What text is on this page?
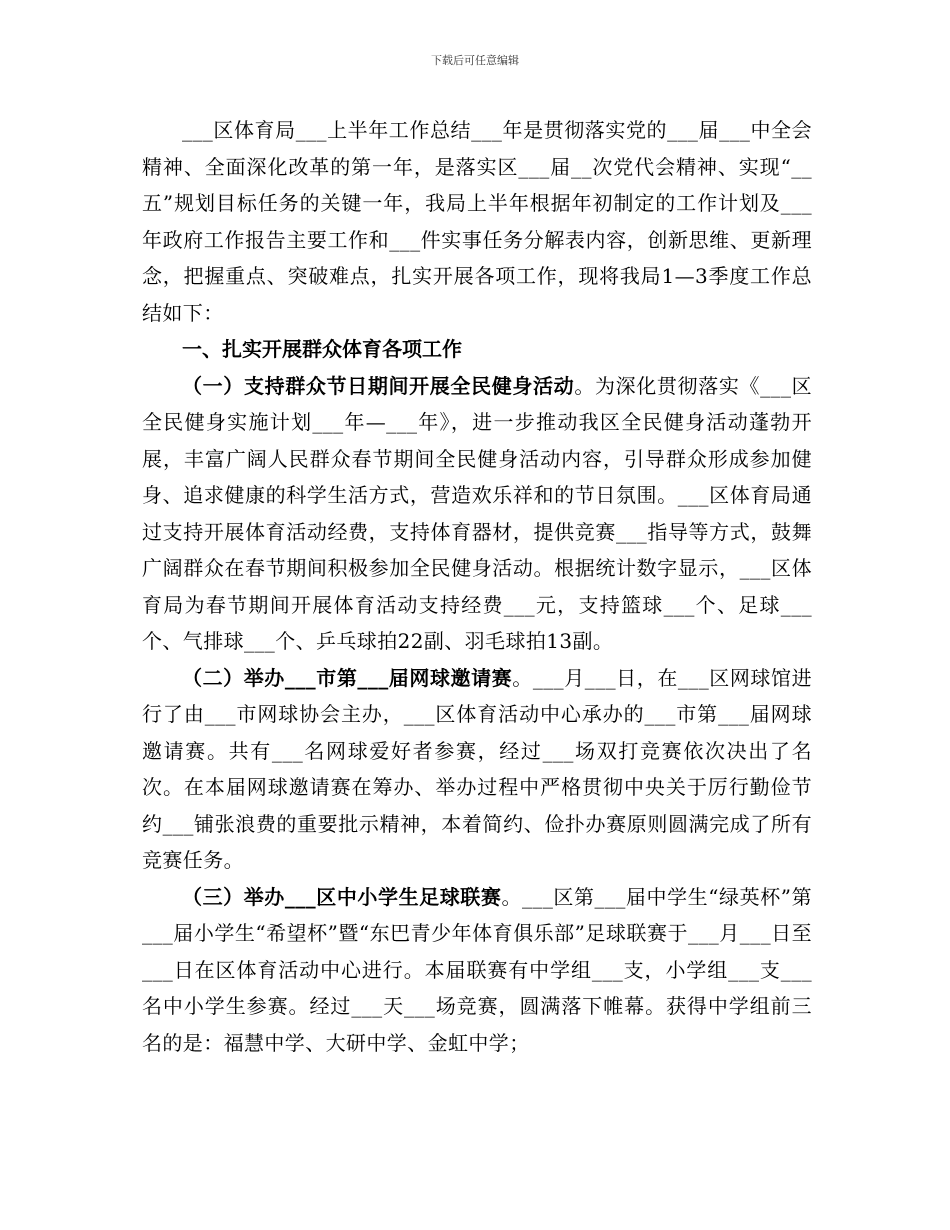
下载后可任意编辑

___区体育局___上半年工作总结___年是贯彻落实党的___届___中全会精神、全面深化改革的第一年，是落实区___届__次党代会精神、实现“__五”规划目标任务的关键一年，我局上半年根据年初制定的工作计划及___年政府工作报告主要工作和___件实事任务分解表内容，创新思维、更新理念，把握重点、突破难点，扎实开展各项工作，现将我局1—3季度工作总结如下：

一、扎实开展群众体育各项工作

（一）支持群众节日期间开展全民健身活动。为深化贯彻落实《___区全民健身实施计划___年—___年》，进一步推动我区全民健身活动蓬勃开展，丰富广阔人民群众春节期间全民健身活动内容，引导群众形成参加健身、追求健康的科学生活方式，营造欢乐祥和的节日氛围。___区体育局通过支持开展体育活动经费，支持体育器材，提供竞赛___指导等方式，鼓舞广阔群众在春节期间积极参加全民健身活动。根据统计数字显示，___区体育局为春节期间开展体育活动支持经费___元，支持篮球___个、足球___个、气排球___个、乒乓球拍22副、羽毛球拍13副。

（二）举办___市第___届网球邀请赛。___月___日，在___区网球馆进行了由___市网球协会主办，___区体育活动中心承办的___市第___届网球邀请赛。共有___名网球爱好者参赛，经过___场双打竞赛依次决出了名次。在本届网球邀请赛在筹办、举办过程中严格贯彻中央关于厉行勤俭节约___铺张浪费的重要批示精神，本着简约、俭扑办赛原则圆满完成了所有竞赛任务。

（三）举办___区中小学生足球联赛。___区第___届中学生“绿英杯”第___届小学生“希望杯”暨“东巴青少年体育俱乐部”足球联赛于___月___日至___日在区体育活动中心进行。本届联赛有中学组___支，小学组___支___名中小学生参赛。经过___天___场竞赛，圆满落下帷幕。获得中学组前三名的是：福慧中学、大研中学、金虹中学；
